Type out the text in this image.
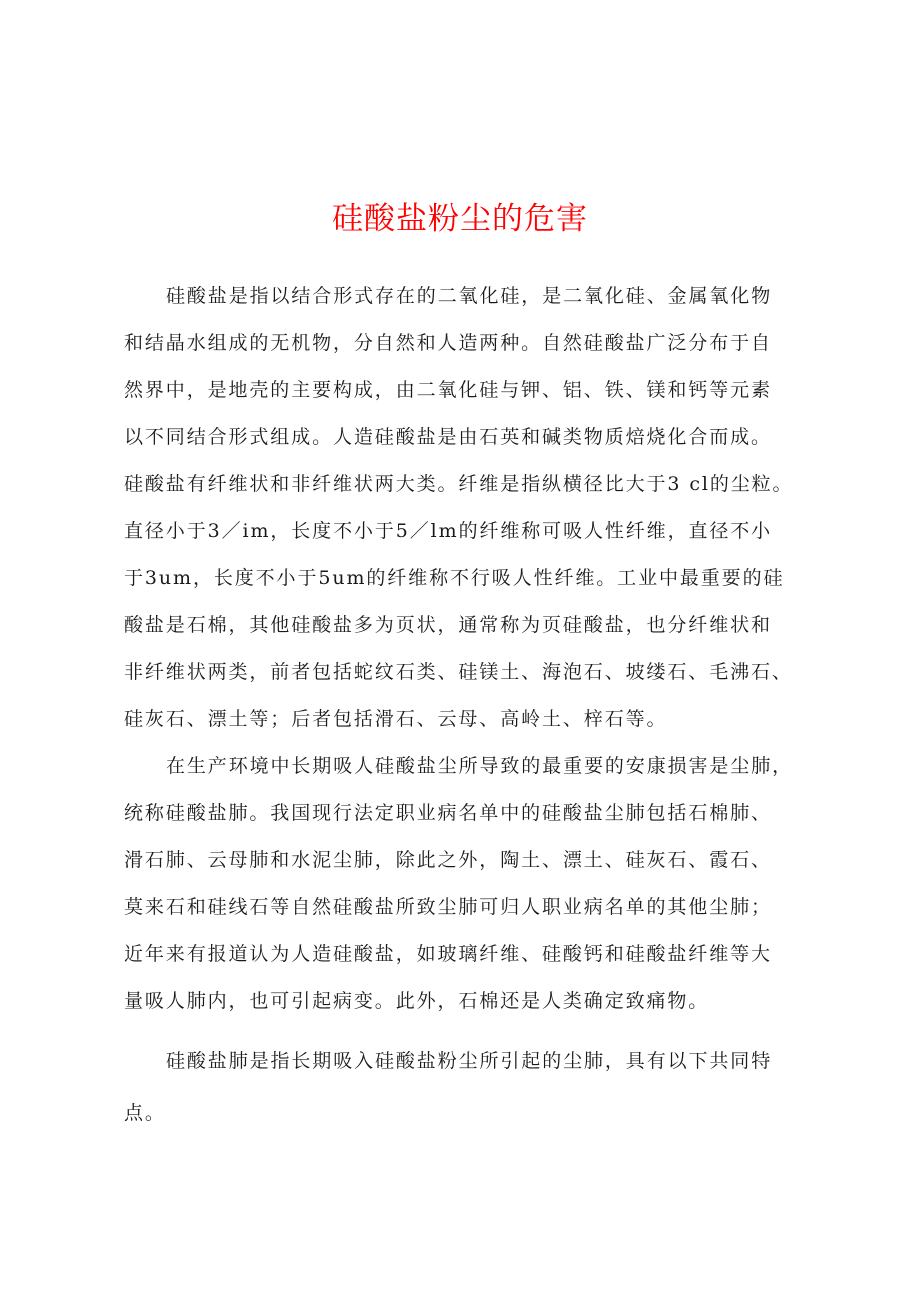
硅酸盐粉尘的危害
硅酸盐是指以结合形式存在的二氧化硅，是二氧化硅、金属氧化物
和结晶水组成的无机物，分自然和人造两种。自然硅酸盐广泛分布于自
然界中，是地壳的主要构成，由二氧化硅与钾、铝、铁、镁和钙等元素
以不同结合形式组成。人造硅酸盐是由石英和碱类物质焙烧化合而成。
硅酸盐有纤维状和非纤维状两大类。纤维是指纵横径比大于3 cl的尘粒。
直径小于3／im，长度不小于5／lm的纤维称可吸人性纤维，直径不小
于3um，长度不小于5um的纤维称不行吸人性纤维。工业中最重要的硅
酸盐是石棉，其他硅酸盐多为页状，通常称为页硅酸盐，也分纤维状和
非纤维状两类，前者包括蛇纹石类、硅镁土、海泡石、坡缕石、毛沸石、
硅灰石、漂土等；后者包括滑石、云母、高岭土、梓石等。
在生产环境中长期吸人硅酸盐尘所导致的最重要的安康损害是尘肺，
统称硅酸盐肺。我国现行法定职业病名单中的硅酸盐尘肺包括石棉肺、
滑石肺、云母肺和水泥尘肺，除此之外，陶土、漂土、硅灰石、霞石、
莫来石和硅线石等自然硅酸盐所致尘肺可归人职业病名单的其他尘肺；
近年来有报道认为人造硅酸盐，如玻璃纤维、硅酸钙和硅酸盐纤维等大
量吸人肺内，也可引起病变。此外，石棉还是人类确定致痛物。
硅酸盐肺是指长期吸入硅酸盐粉尘所引起的尘肺，具有以下共同特
点。
